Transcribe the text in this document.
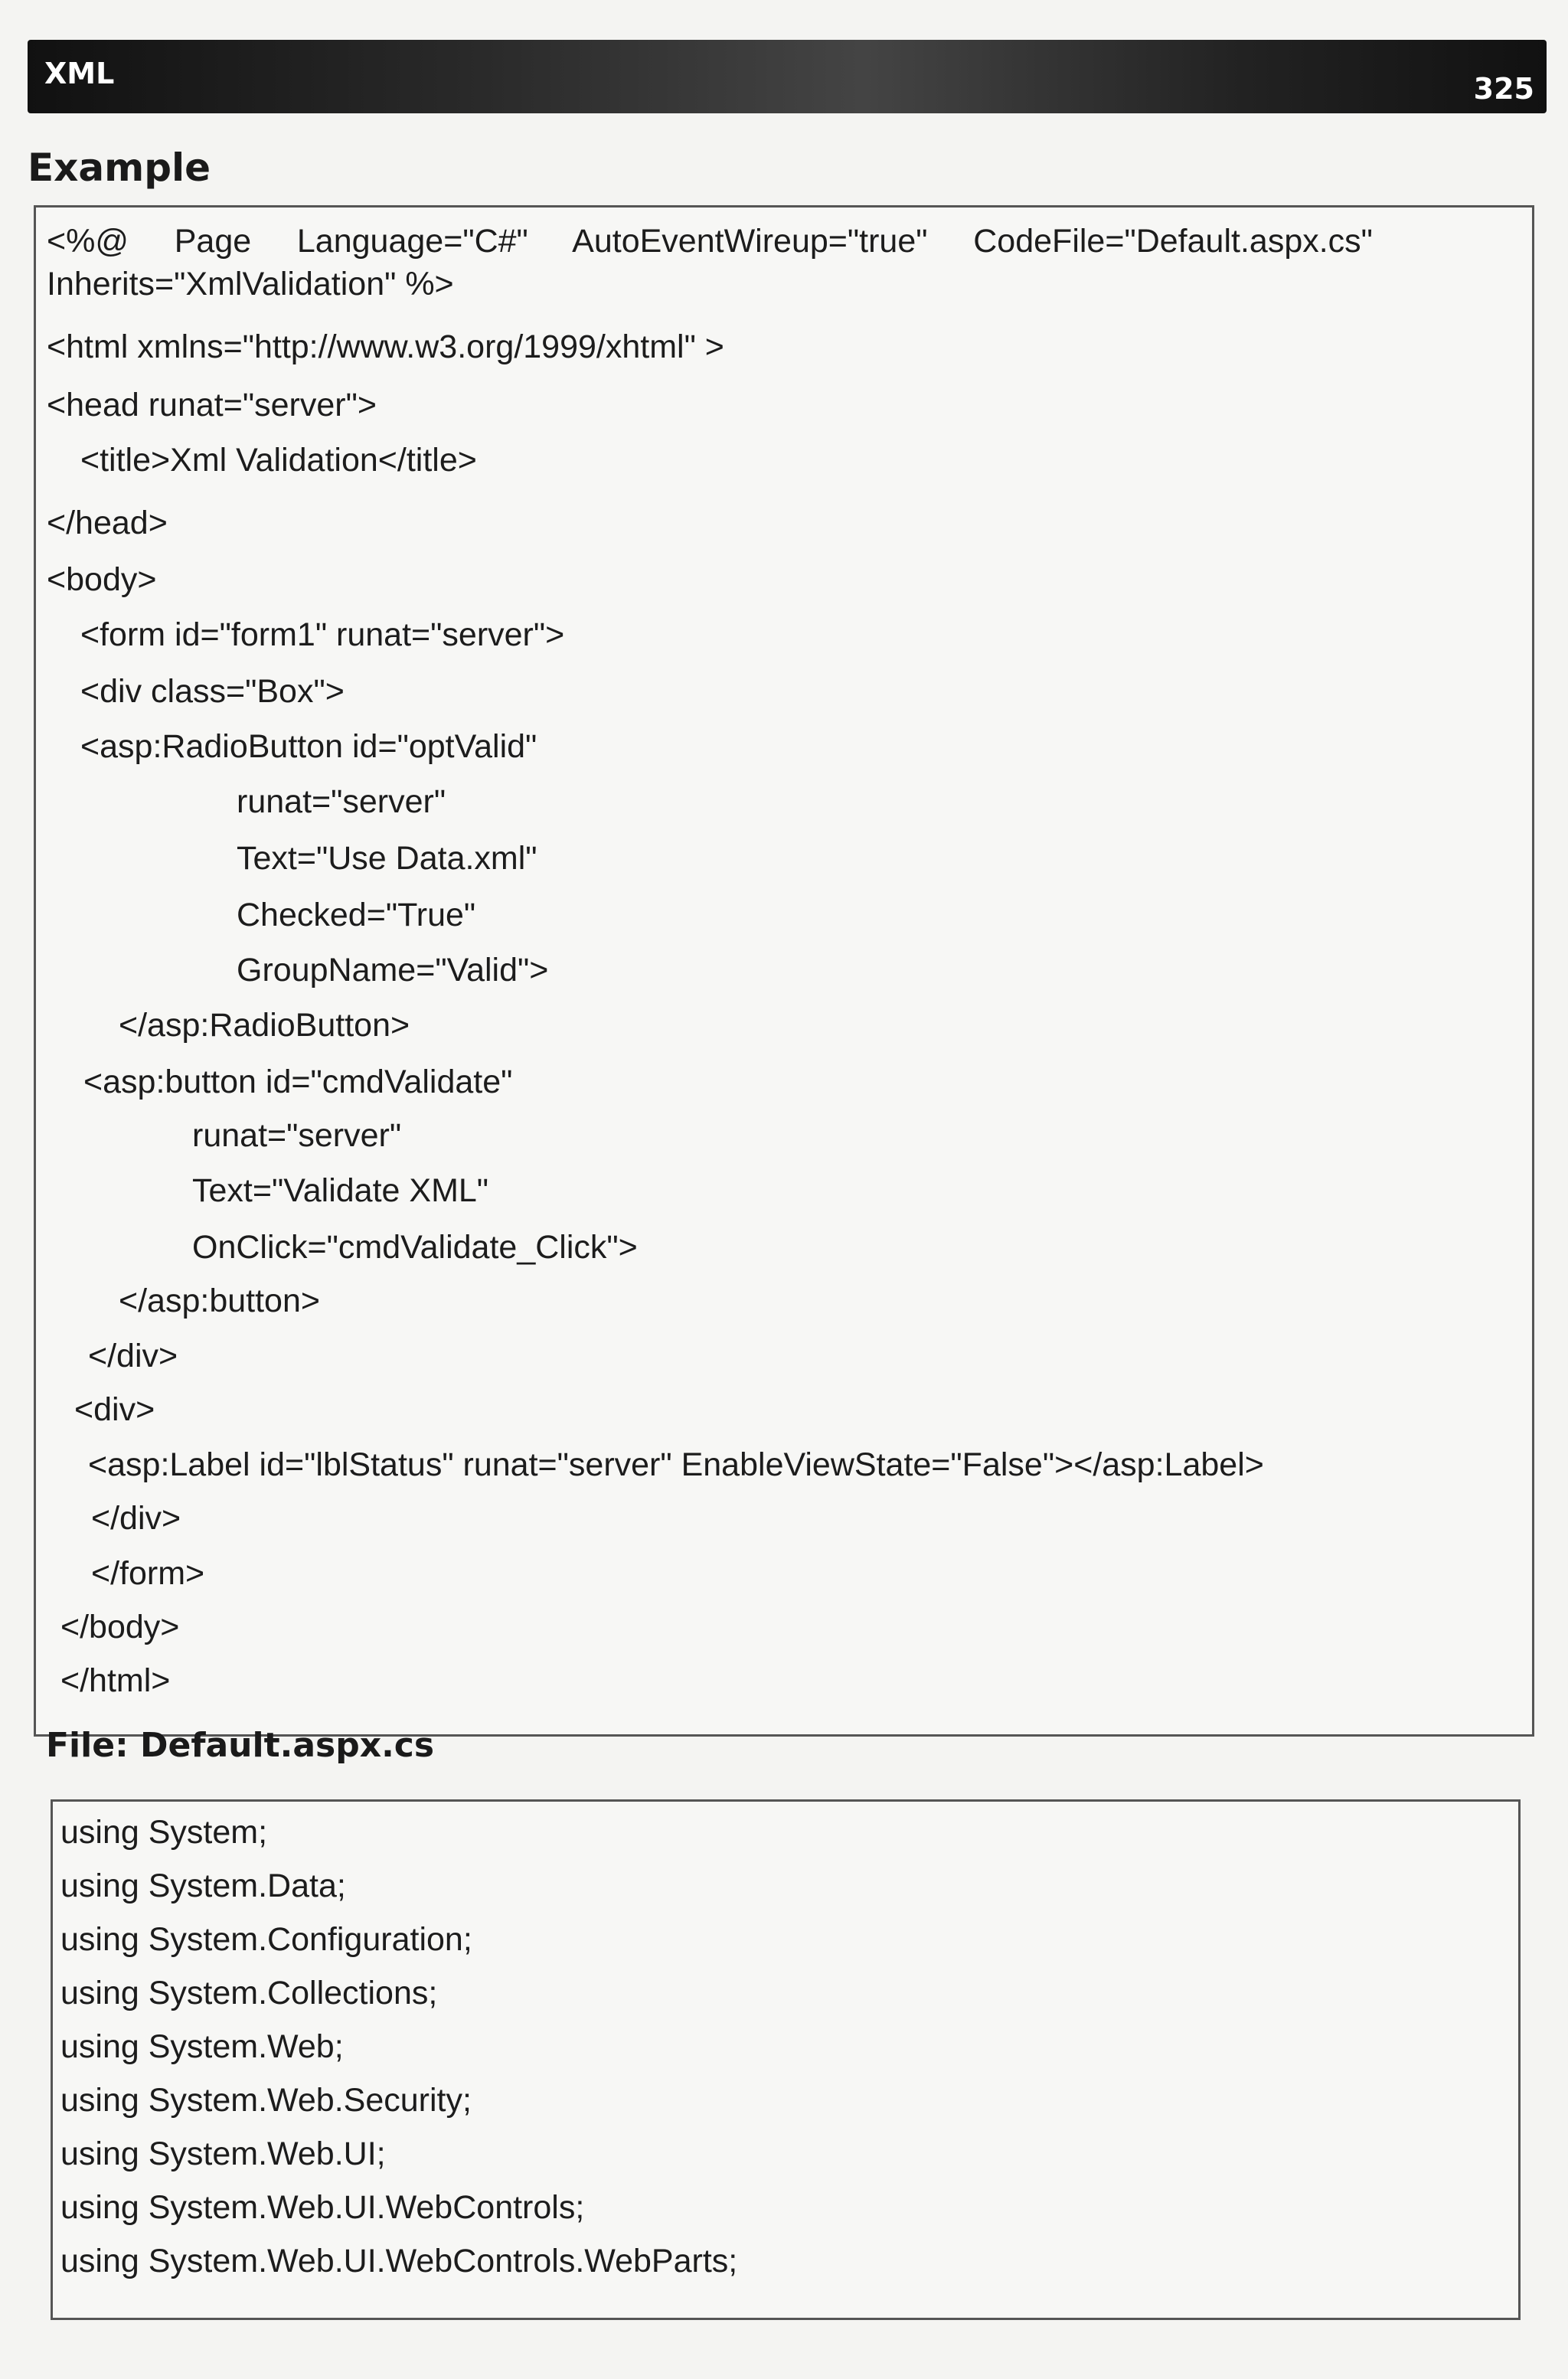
XML	325
Example
<%@     Page     Language="C#"     AutoEventWireup="true"     CodeFile="Default.aspx.cs"
Inherits="XmlValidation" %>
<html xmlns="http://www.w3.org/1999/xhtml" >
<head runat="server">
<title>Xml Validation</title>
</head>
<body>
<form id="form1" runat="server">
<div class="Box">
<asp:RadioButton id="optValid"
runat="server"
Text="Use Data.xml"
Checked="True"
GroupName="Valid">
</asp:RadioButton>
<asp:button id="cmdValidate"
runat="server"
Text="Validate XML"
OnClick="cmdValidate_Click">
</asp:button>
</div>
<div>
<asp:Label id="lblStatus" runat="server" EnableViewState="False"></asp:Label>
</div>
</form>
</body>
</html>
File: Default.aspx.cs
using System;
using System.Data;
using System.Configuration;
using System.Collections;
using System.Web;
using System.Web.Security;
using System.Web.UI;
using System.Web.UI.WebControls;
using System.Web.UI.WebControls.WebParts;
